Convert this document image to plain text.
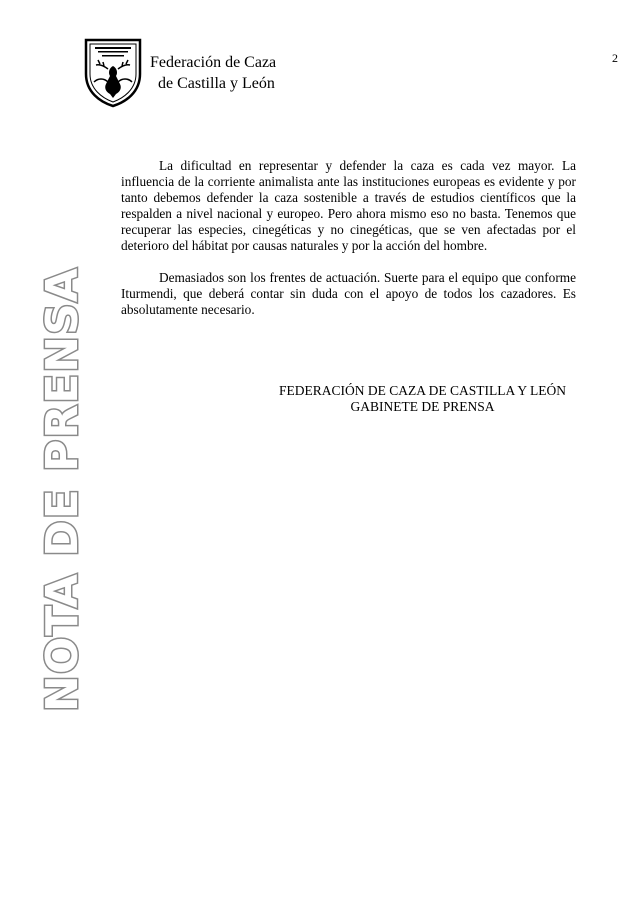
Federación de Caza
de Castilla y León
2

La dificultad en representar y defender la caza es cada vez mayor. La influencia de la corriente animalista ante las instituciones europeas es evidente y por tanto debemos defender la caza sostenible a través de estudios científicos que la respalden a nivel nacional y europeo. Pero ahora mismo eso no basta. Tenemos que recuperar las especies, cinegéticas y no cinegéticas, que se ven afectadas por el deterioro del hábitat por causas naturales y por la acción del hombre.

Demasiados son los frentes de actuación. Suerte para el equipo que conforme Iturmendi, que deberá contar sin duda con el apoyo de todos los cazadores. Es absolutamente necesario.

FEDERACIÓN DE CAZA DE CASTILLA Y LEÓN
GABINETE DE PRENSA
NOTA DE PRENSA
